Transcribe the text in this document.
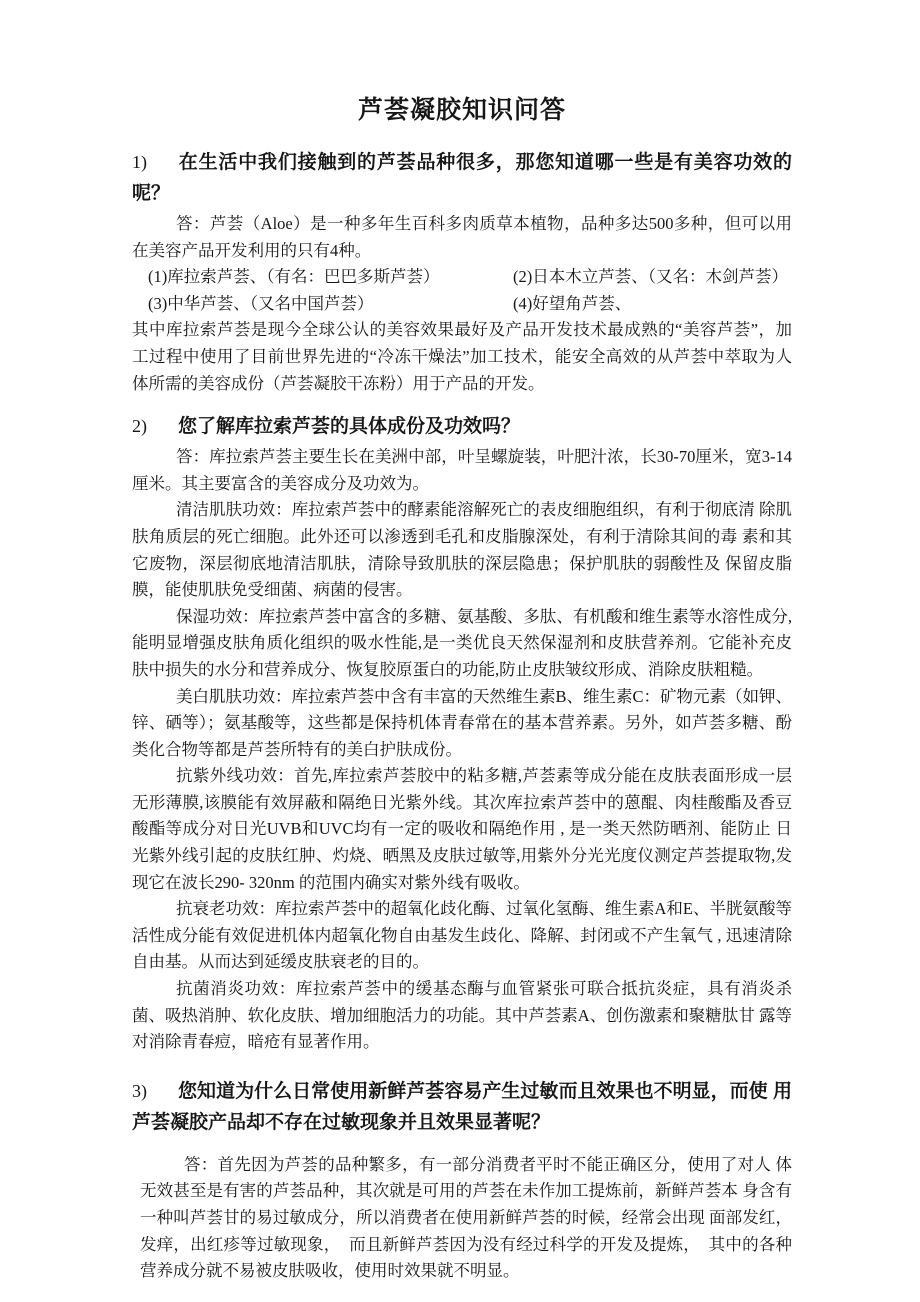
芦荟凝胶知识问答
1) 在生活中我们接触到的芦荟品种很多，那您知道哪一些是有美容功效的呢？

答：芦荟（Aloe）是一种多年生百科多肉质草本植物，品种多达500多种，但可以用在美容产品开发利用的只有4种。

(1)库拉索芦荟、（有名：巴巴多斯芦荟）	(2)日本木立芦荟、（又名：木剑芦荟）
(3)中华芦荟、（又名中国芦荟）	(4)好望角芦荟、

其中库拉索芦荟是现今全球公认的美容效果最好及产品开发技术最成熟的“美容芦荟”，加 工过程中使用了目前世界先进的“冷冻干燥法”加工技术，能安全高效的从芦荟中萃取为人 体所需的美容成份（芦荟凝胶干冻粉）用于产品的开发。

2) 您了解库拉索芦荟的具体成份及功效吗？

答：库拉索芦荟主要生长在美洲中部，叶呈螺旋装，叶肥汁浓，长30-70厘米，宽3-14厘米。其主要富含的美容成分及功效为。

清洁肌肤功效：库拉索芦荟中的酵素能溶解死亡的表皮细胞组织，有利于彻底清 除肌肤角质层的死亡细胞。此外还可以渗透到毛孔和皮脂腺深处，有利于清除其间的毒 素和其它废物，深层彻底地清洁肌肤，清除导致肌肤的深层隐患；保护肌肤的弱酸性及 保留皮脂膜，能使肌肤免受细菌、病菌的侵害。

保湿功效：库拉索芦荟中富含的多糖、氨基酸、多肽、有机酸和维生素等水溶性成分,能明显增强皮肤角质化组织的吸水性能,是一类优良天然保湿剂和皮肤营养剂。它能补充皮肤中损失的水分和营养成分、恢复胶原蛋白的功能,防止皮肤皱纹形成、消除皮肤粗糙。

美白肌肤功效：库拉索芦荟中含有丰富的天然维生素B、维生素C：矿物元素（如钾、锌、硒等）；氨基酸等，这些都是保持机体青春常在的基本营养素。另外，如芦荟多糖、酚 类化合物等都是芦荟所特有的美白护肤成份。

抗紫外线功效：首先,库拉索芦荟胶中的粘多糖,芦荟素等成分能在皮肤表面形成一层无形薄膜,该膜能有效屏蔽和隔绝日光紫外线。其次库拉索芦荟中的蒽醌、肉桂酸酯及香豆酸酯等成分对日光UVB和UVC均有一定的吸收和隔绝作用 , 是一类天然防晒剂、能防止 日光紫外线引起的皮肤红肿、灼烧、晒黑及皮肤过敏等,用紫外分光光度仪测定芦荟提取物,发现它在波长290- 320nm 的范围内确实对紫外线有吸收。

抗衰老功效：库拉索芦荟中的超氧化歧化酶、过氧化氢酶、维生素A和E、半胱氨酸等活性成分能有效促进机体内超氧化物自由基发生歧化、降解、封闭或不产生氧气 , 迅速清除自由基。从而达到延缓皮肤衰老的目的。

抗菌消炎功效：库拉索芦荟中的缓基态酶与血管紧张可联合抵抗炎症，具有消炎杀菌、吸热消肿、软化皮肤、增加细胞活力的功能。其中芦荟素A、创伤激素和聚糖肽甘 露等对消除青春痘，暗疮有显著作用。

3) 您知道为什么日常使用新鲜芦荟容易产生过敏而且效果也不明显，而使 用芦荟凝胶产品却不存在过敏现象并且效果显著呢？

答：首先因为芦荟的品种繁多，有一部分消费者平时不能正确区分，使用了对人 体无效甚至是有害的芦荟品种，其次就是可用的芦荟在未作加工提炼前，新鲜芦荟本 身含有一种叫芦荟甘的易过敏成分，所以消费者在使用新鲜芦荟的时候，经常会出现 面部发红，发痒，出红疹等过敏现象，  而且新鲜芦荟因为没有经过科学的开发及提炼，  其中的各种营养成分就不易被皮肤吸收，使用时效果就不明显。
